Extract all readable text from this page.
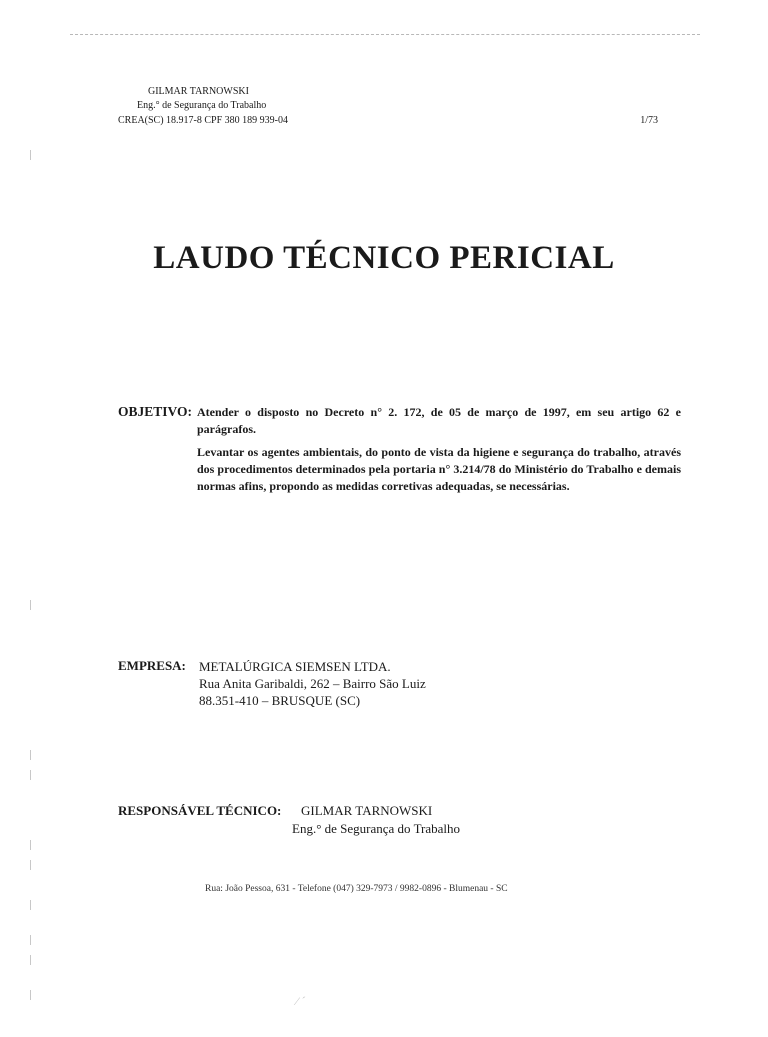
GILMAR TARNOWSKI
Eng.° de Segurança do Trabalho
CREA(SC) 18.917-8 CPF 380 189 939-04	1/73
LAUDO TÉCNICO PERICIAL
OBJETIVO: Atender o disposto no Decreto n° 2. 172, de 05 de março de 1997, em seu artigo 62 e parágrafos.

Levantar os agentes ambientais, do ponto de vista da higiene e segurança do trabalho, através dos procedimentos determinados pela portaria n° 3.214/78 do Ministério do Trabalho e demais normas afins, propondo as medidas corretivas adequadas, se necessárias.

EMPRESA: METALÚRGICA SIEMSEN LTDA.
Rua Anita Garibaldi, 262 – Bairro São Luiz
88.351-410 – BRUSQUE (SC)
RESPONSÁVEL TÉCNICO: GILMAR TARNOWSKI
Eng.° de Segurança do Trabalho
Rua: João Pessoa, 631 - Telefone (047) 329-7973 / 9982-0896 - Blumenau - SC
⁄ ´
